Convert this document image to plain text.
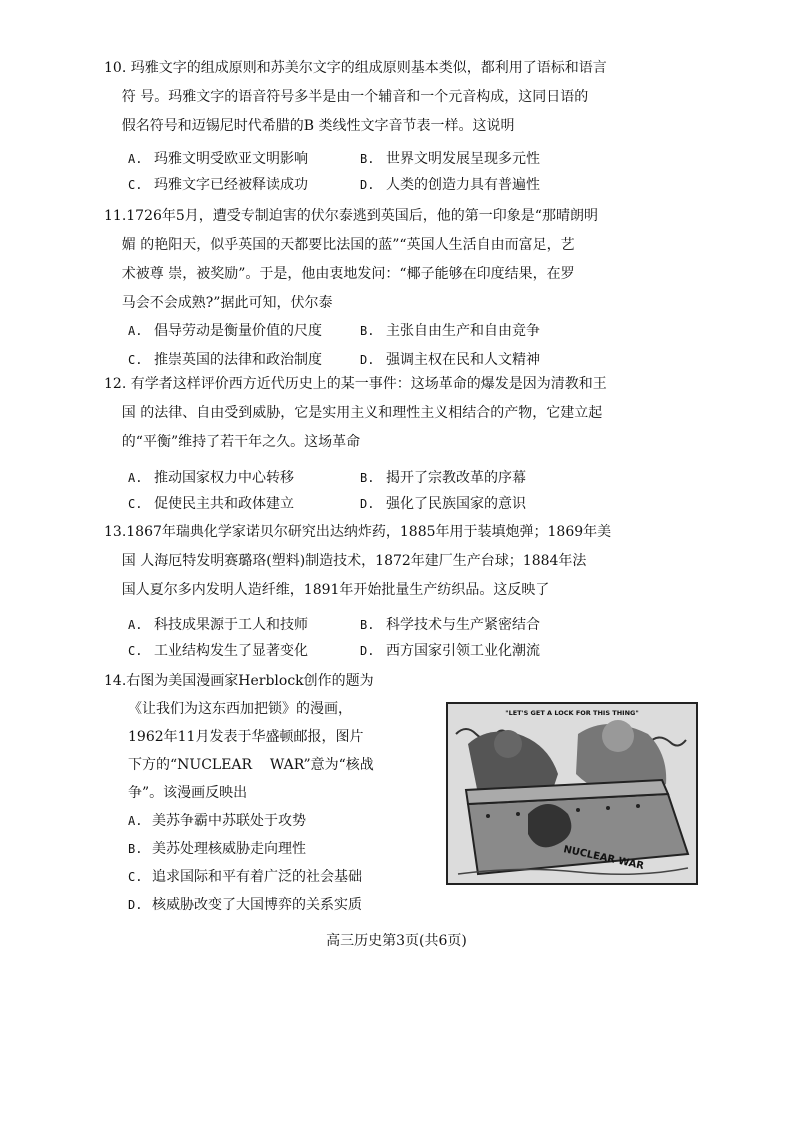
10. 玛雅文字的组成原则和苏美尔文字的组成原则基本类似，都利用了语标和语言
符 号。玛雅文字的语音符号多半是由一个辅音和一个元音构成，这同日语的
假名符号和迈锡尼时代希腊的B 类线性文字音节表一样。这说明
A. 玛雅文明受欧亚文明影响	B. 世界文明发展呈现多元性
C. 玛雅文字已经被释读成功	D. 人类的创造力具有普遍性
11.1726年5月，遭受专制迫害的伏尔泰逃到英国后，他的第一印象是“那晴朗明
媚 的艳阳天，似乎英国的天都要比法国的蓝”“英国人生活自由而富足，艺
术被尊 崇，被奖励”。于是，他由衷地发问：“椰子能够在印度结果，在罗
马会不会成熟?”据此可知，伏尔泰
A. 倡导劳动是衡量价值的尺度	B. 主张自由生产和自由竞争
C. 推崇英国的法律和政治制度	D. 强调主权在民和人文精神
12. 有学者这样评价西方近代历史上的某一事件：这场革命的爆发是因为清教和王
国 的法律、自由受到威胁，它是实用主义和理性主义相结合的产物，它建立起
的“平衡”维持了若干年之久。这场革命
A. 推动国家权力中心转移	B. 揭开了宗教改革的序幕
C. 促使民主共和政体建立	D. 强化了民族国家的意识
13.1867年瑞典化学家诺贝尔研究出达纳炸药，1885年用于装填炮弹；1869年美
国 人海厄特发明赛璐珞(塑料)制造技术，1872年建厂生产台球；1884年法
国人夏尔多内发明人造纤维，1891年开始批量生产纺织品。这反映了
A. 科技成果源于工人和技师	B. 科学技术与生产紧密结合
C. 工业结构发生了显著变化	D. 西方国家引领工业化潮流
14.右图为美国漫画家Herblock创作的题为
《让我们为这东西加把锁》的漫画，
1962年11月发表于华盛顿邮报，图片
下方的“NUCLEAR    WAR”意为“核战
争”。该漫画反映出
A. 美苏争霸中苏联处于攻势
B. 美苏处理核威胁走向理性
C. 追求国际和平有着广泛的社会基础
D. 核威胁改变了大国博弈的关系实质
"LET'S GET A LOCK FOR THIS THING"
NUCLEAR WAR
高三历史第3页(共6页)
